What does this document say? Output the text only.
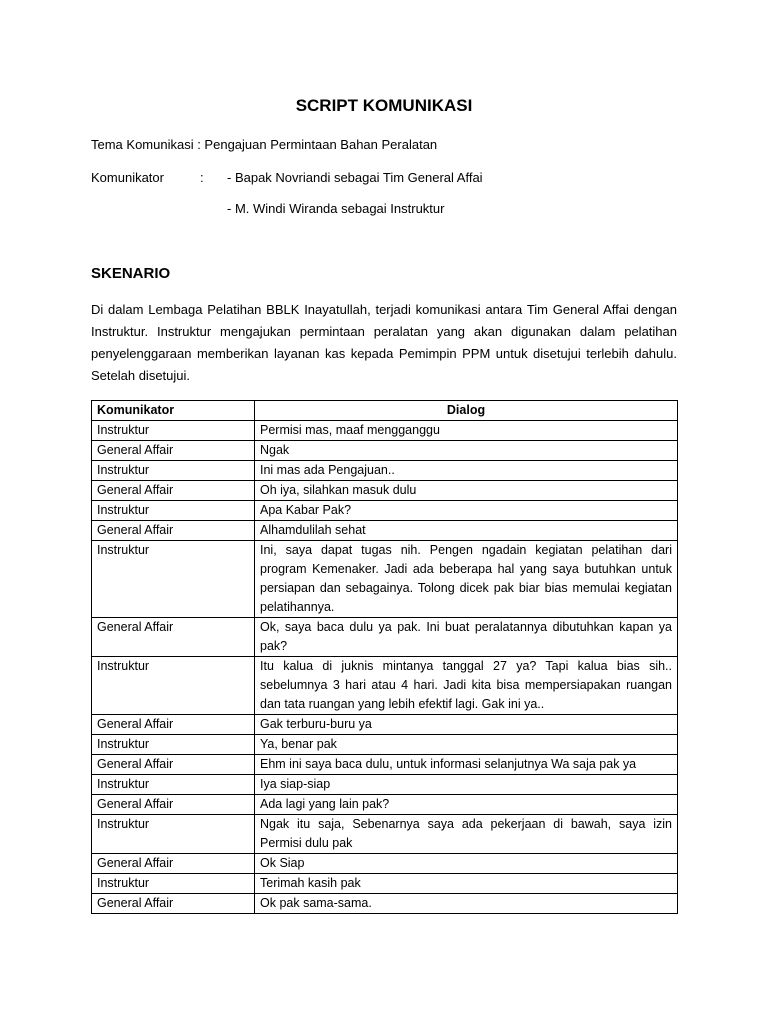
SCRIPT KOMUNIKASI
Tema Komunikasi : Pengajuan Permintaan Bahan Peralatan
Komunikator	: - Bapak Novriandi sebagai Tim General Affai
- M. Windi Wiranda sebagai Instruktur
SKENARIO

Di dalam Lembaga Pelatihan BBLK Inayatullah, terjadi komunikasi antara Tim General Affai dengan Instruktur. Instruktur mengajukan permintaan peralatan yang akan digunakan dalam pelatihan penyelenggaraan memberikan layanan kas kepada Pemimpin PPM untuk disetujui terlebih dahulu. Setelah disetujui.

Komunikator	Dialog
Instruktur	Permisi mas, maaf mengganggu
General Affair	Ngak
Instruktur	Ini mas ada Pengajuan..
General Affair	Oh iya, silahkan masuk dulu
Instruktur	Apa Kabar Pak?
General Affair	Alhamdulilah sehat
Instruktur	Ini, saya dapat tugas nih. Pengen ngadain kegiatan pelatihan dari program Kemenaker. Jadi ada beberapa hal yang saya butuhkan untuk persiapan dan sebagainya. Tolong dicek pak biar bias memulai kegiatan pelatihannya.
General Affair	Ok, saya baca dulu ya pak. Ini buat peralatannya dibutuhkan kapan ya pak?
Instruktur	Itu kalua di juknis mintanya tanggal 27 ya? Tapi kalua bias sih.. sebelumnya 3 hari atau 4 hari. Jadi kita bisa mempersiapakan ruangan dan tata ruangan yang lebih efektif lagi. Gak ini ya..
General Affair	Gak terburu-buru ya
Instruktur	Ya, benar pak
General Affair	Ehm ini saya baca dulu, untuk informasi selanjutnya Wa saja pak ya
Instruktur	Iya siap-siap
General Affair	Ada lagi yang lain pak?
Instruktur	Ngak itu saja, Sebenarnya saya ada pekerjaan di bawah, saya izin Permisi dulu pak
General Affair	Ok Siap
Instruktur	Terimah kasih pak
General Affair	Ok pak sama-sama.
